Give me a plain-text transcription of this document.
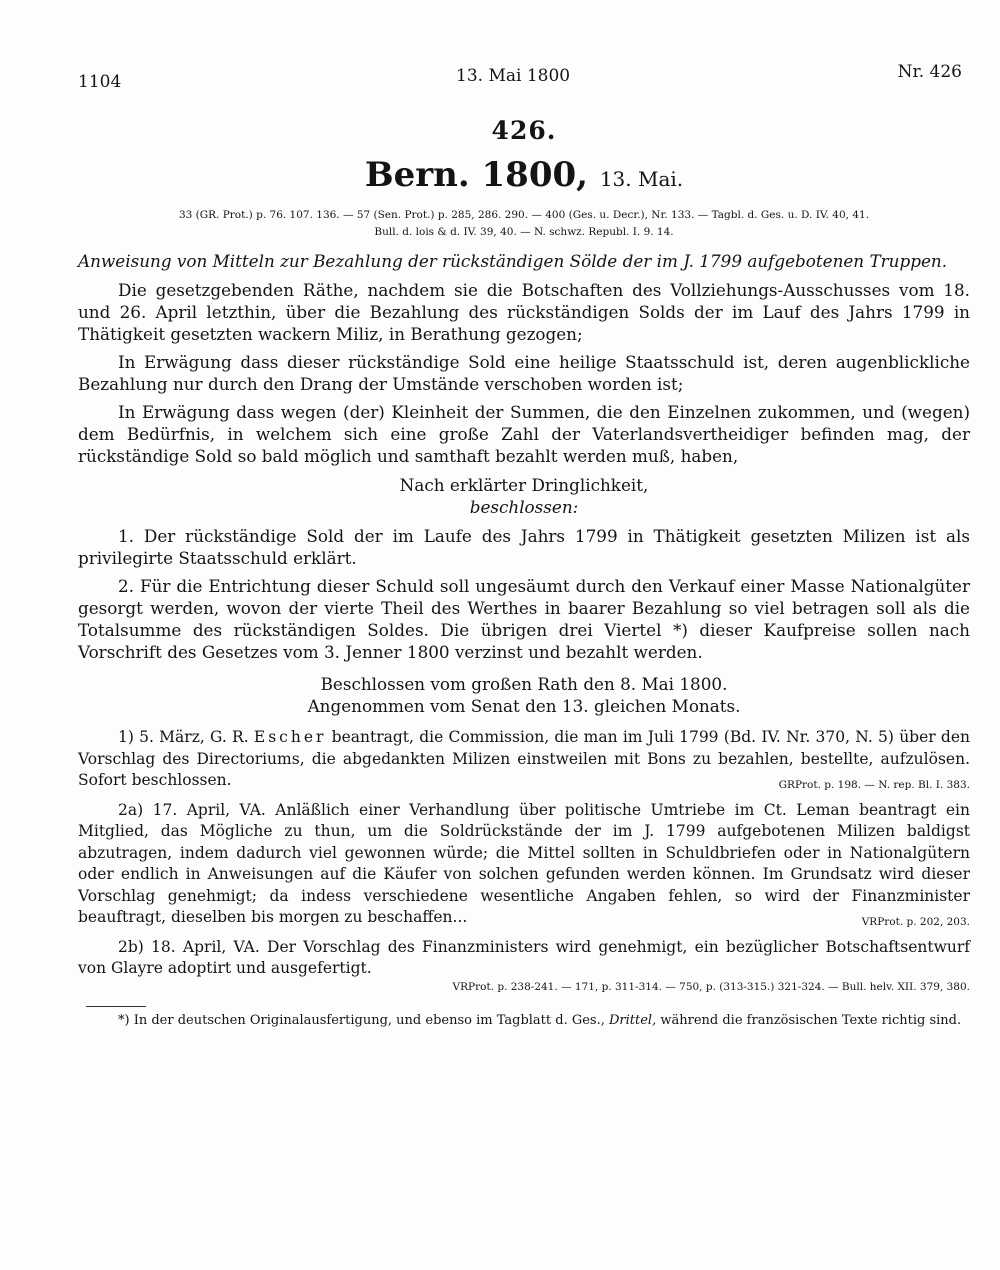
1104	13. Mai 1800	Nr. 426
426.
Bern. 1800, 13. Mai.
33 (GR. Prot.) p. 76. 107. 136. — 57 (Sen. Prot.) p. 285, 286. 290. — 400 (Ges. u. Decr.), Nr. 133. — Tagbl. d. Ges. u. D. IV. 40, 41.
Bull. d. lois & d. IV. 39, 40. — N. schwz. Republ. I. 9. 14.
Anweisung von Mitteln zur Bezahlung der rückständigen Sölde der im J. 1799 aufgebotenen Truppen.

Die gesetzgebenden Räthe, nachdem sie die Botschaften des Vollziehungs-Ausschusses vom 18. und 26. April letzthin, über die Bezahlung des rückständigen Solds der im Lauf des Jahrs 1799 in Thätigkeit gesetzten wackern Miliz, in Berathung gezogen;

In Erwägung dass dieser rückständige Sold eine heilige Staatsschuld ist, deren augenblickliche Bezahlung nur durch den Drang der Umstände verschoben worden ist;

In Erwägung dass wegen (der) Kleinheit der Summen, die den Einzelnen zukommen, und (wegen) dem Bedürfnis, in welchem sich eine große Zahl der Vaterlandsvertheidiger befinden mag, der rückständige Sold so bald möglich und samthaft bezahlt werden muß, haben,

Nach erklärter Dringlichkeit,

beschlossen:

1. Der rückständige Sold der im Laufe des Jahrs 1799 in Thätigkeit gesetzten Milizen ist als privilegirte Staatsschuld erklärt.

2. Für die Entrichtung dieser Schuld soll ungesäumt durch den Verkauf einer Masse Nationalgüter gesorgt werden, wovon der vierte Theil des Werthes in baarer Bezahlung so viel betragen soll als die Totalsumme des rückständigen Soldes. Die übrigen drei Viertel *) dieser Kaufpreise sollen nach Vorschrift des Gesetzes vom 3. Jenner 1800 verzinst und bezahlt werden.

Beschlossen vom großen Rath den 8. Mai 1800.

Angenommen vom Senat den 13. gleichen Monats.

1) 5. März, G. R. Escher beantragt, die Commission, die man im Juli 1799 (Bd. IV. Nr. 370, N. 5) über den Vorschlag des Directoriums, die abgedankten Milizen einstweilen mit Bons zu bezahlen, bestellte, aufzulösen. Sofort beschlossen.	GRProt. p. 198. — N. rep. Bl. I. 383.
2a) 17. April, VA. Anläßlich einer Verhandlung über politische Umtriebe im Ct. Leman beantragt ein Mitglied, das Mögliche zu thun, um die Soldrückstände der im J. 1799 aufgebotenen Milizen baldigst abzutragen, indem dadurch viel gewonnen würde; die Mittel sollten in Schuldbriefen oder in Nationalgütern oder endlich in Anweisungen auf die Käufer von solchen gefunden werden können. Im Grundsatz wird dieser Vorschlag genehmigt; da indess verschiedene wesentliche Angaben fehlen, so wird der Finanzminister beauftragt, dieselben bis morgen zu beschaffen...	VRProt. p. 202, 203.
2b) 18. April, VA. Der Vorschlag des Finanzministers wird genehmigt, ein bezüglicher Botschaftsentwurf von Glayre adoptirt und ausgefertigt.
VRProt. p. 238-241. — 171, p. 311-314. — 750, p. (313-315.) 321-324. — Bull. helv. XII. 379, 380.
*) In der deutschen Originalausfertigung, und ebenso im Tagblatt d. Ges., Drittel, während die französischen Texte richtig sind.
